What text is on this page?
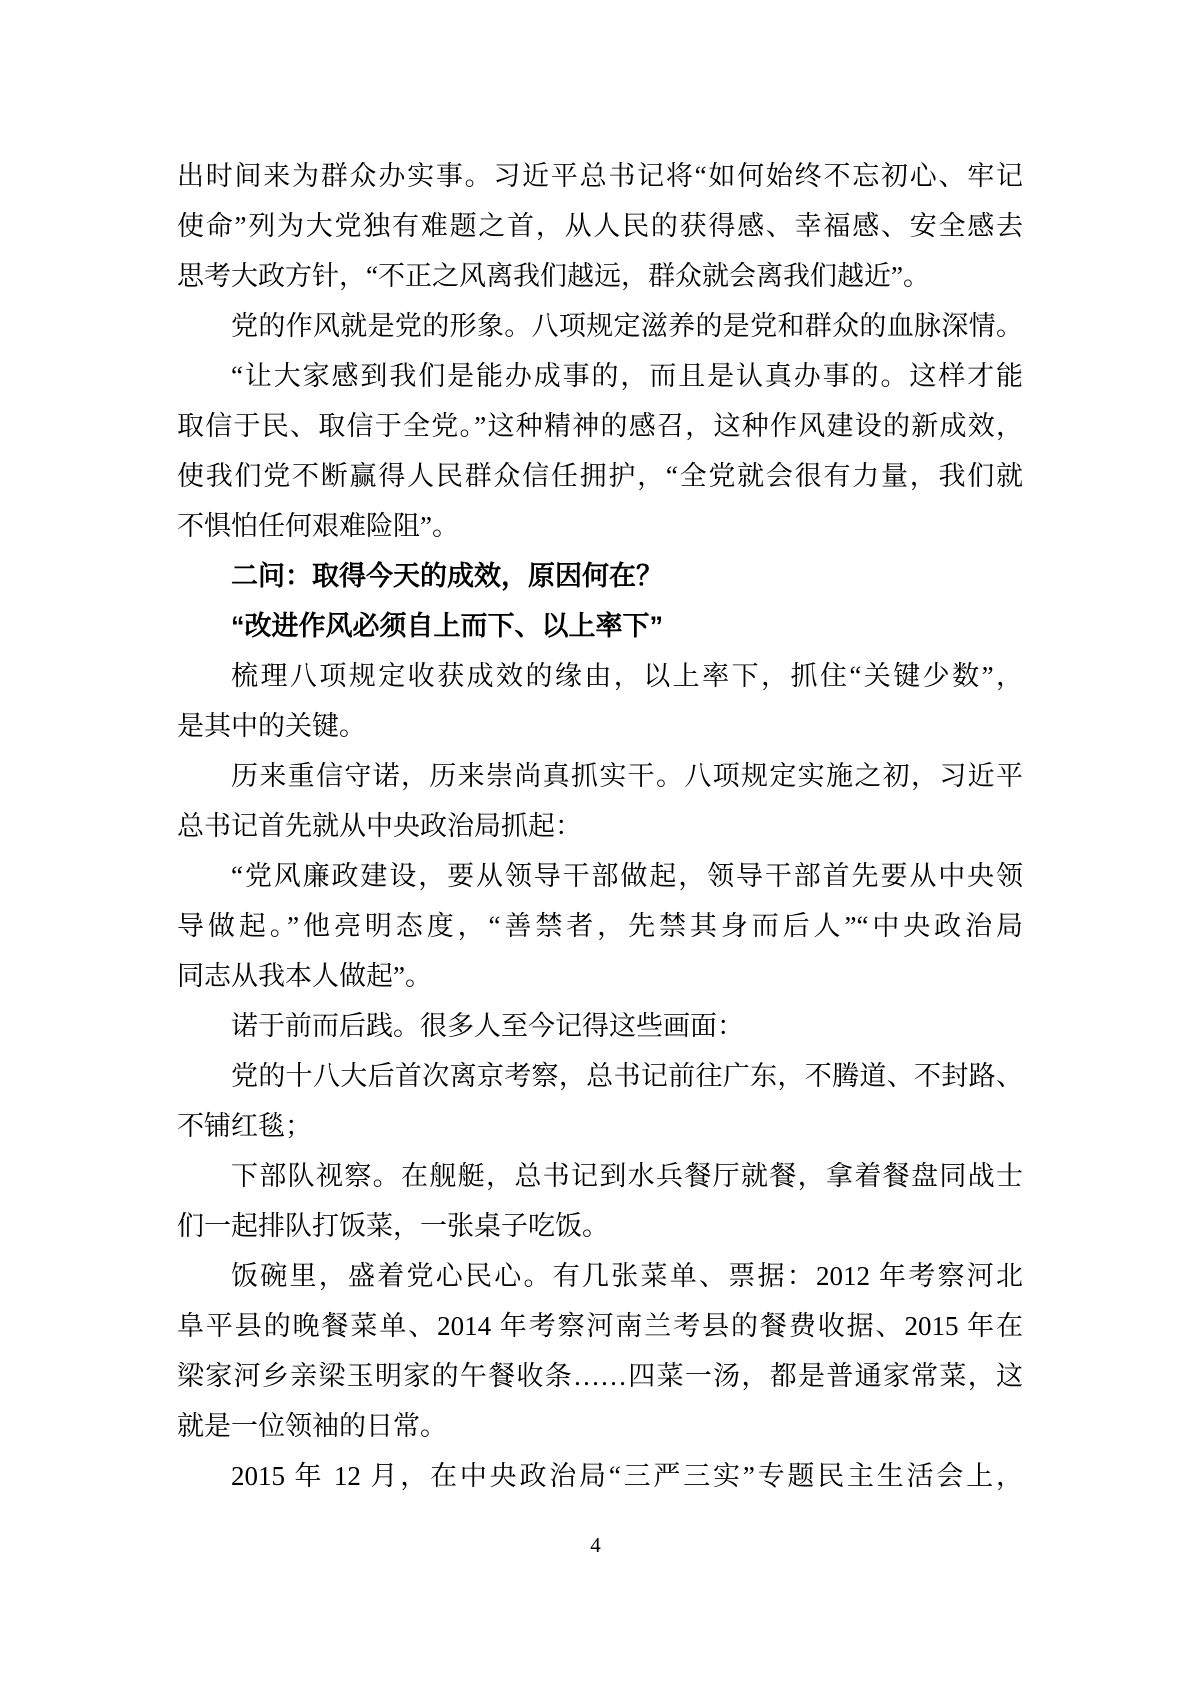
出时间来为群众办实事。习近平总书记将“如何始终不忘初心、牢记
使命”列为大党独有难题之首，从人民的获得感、幸福感、安全感去
思考大政方针，“不正之风离我们越远，群众就会离我们越近”。
党的作风就是党的形象。八项规定滋养的是党和群众的血脉深情。
“让大家感到我们是能办成事的，而且是认真办事的。这样才能
取信于民、取信于全党。”这种精神的感召，这种作风建设的新成效，
使我们党不断赢得人民群众信任拥护，“全党就会很有力量，我们就
不惧怕任何艰难险阻”。
二问：取得今天的成效，原因何在？
“改进作风必须自上而下、以上率下”
梳理八项规定收获成效的缘由，以上率下，抓住“关键少数”，
是其中的关键。
历来重信守诺，历来崇尚真抓实干。八项规定实施之初，习近平
总书记首先就从中央政治局抓起：
“党风廉政建设，要从领导干部做起，领导干部首先要从中央领
导做起。”他亮明态度，“善禁者，先禁其身而后人”“中央政治局
同志从我本人做起”。
诺于前而后践。很多人至今记得这些画面：
党的十八大后首次离京考察，总书记前往广东，不腾道、不封路、
不铺红毯；
下部队视察。在舰艇，总书记到水兵餐厅就餐，拿着餐盘同战士
们一起排队打饭菜，一张桌子吃饭。
饭碗里，盛着党心民心。有几张菜单、票据：2012 年考察河北
阜平县的晚餐菜单、2014 年考察河南兰考县的餐费收据、2015 年在
梁家河乡亲梁玉明家的午餐收条……四菜一汤，都是普通家常菜，这
就是一位领袖的日常。
2015 年 12 月，在中央政治局“三严三实”专题民主生活会上，
4
